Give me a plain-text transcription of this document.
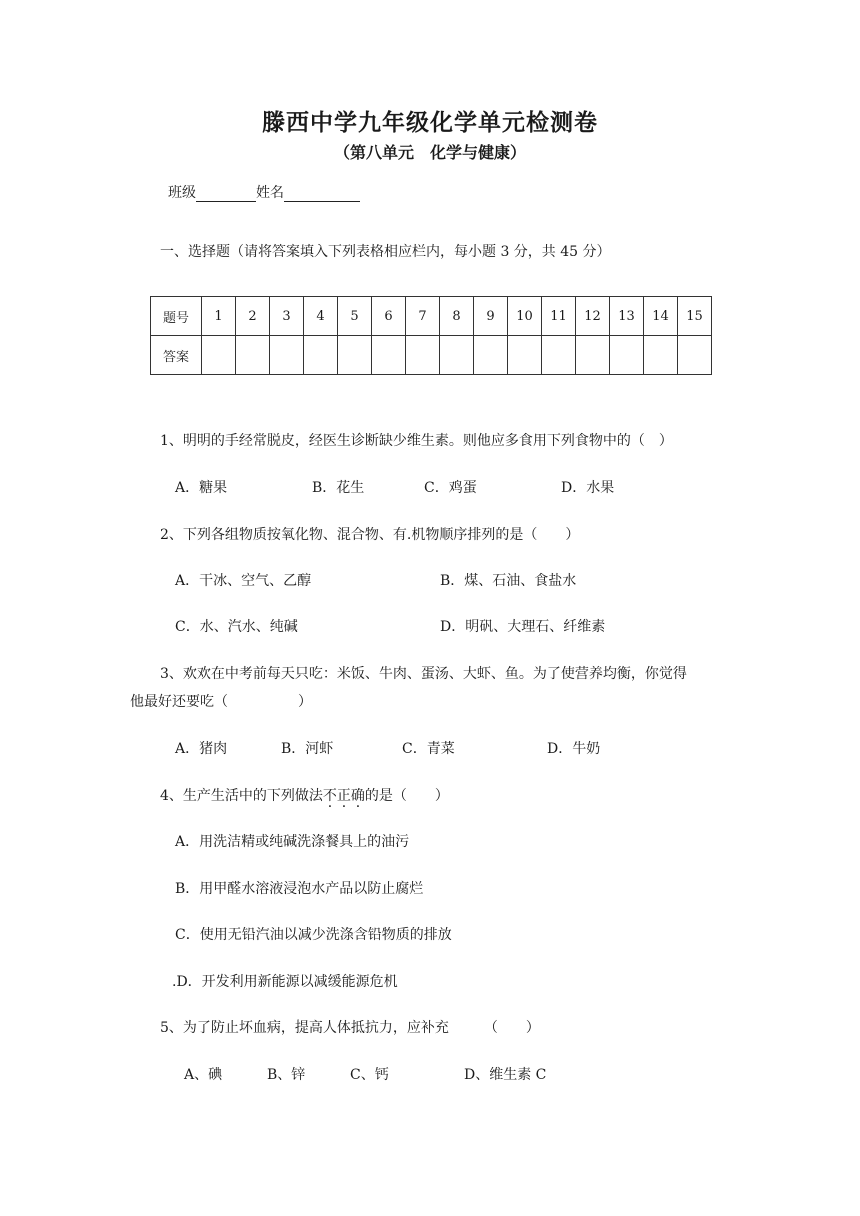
滕西中学九年级化学单元检测卷
（第八单元　化学与健康）
班级	姓名
一、选择题（请将答案填入下列表格相应栏内，每小题 3 分，共 45 分）
题号	1	2	3	4	5	6	7	8	9	10	11	12	13	14	15
答案															
1、明明的手经常脱皮，经医生诊断缺少维生素。则他应多食用下列食物中的（　）
A．糖果	B．花生	C．鸡蛋	D．水果
2、下列各组物质按氧化物、混合物、有.机物顺序排列的是（　　）
A．干冰、空气、乙醇	B．煤、石油、食盐水
C．水、汽水、纯碱	D．明矾、大理石、纤维素
3、欢欢在中考前每天只吃：米饭、牛肉、蛋汤、大虾、鱼。为了使营养均衡，你觉得
他最好还要吃（　　　　　）
A．猪肉	B．河虾	C．青菜	D．牛奶
4、生产生活中的下列做法不正确的是（　　）
A．用洗洁精或纯碱洗涤餐具上的油污
B．用甲醛水溶液浸泡水产品以防止腐烂
C．使用无铅汽油以减少洗涤含铅物质的排放
.D．开发利用新能源以减缓能源危机
5、为了防止坏血病，提高人体抵抗力，应补充　　　（　　）
A、碘	B、锌	C、钙	D、维生素 C
